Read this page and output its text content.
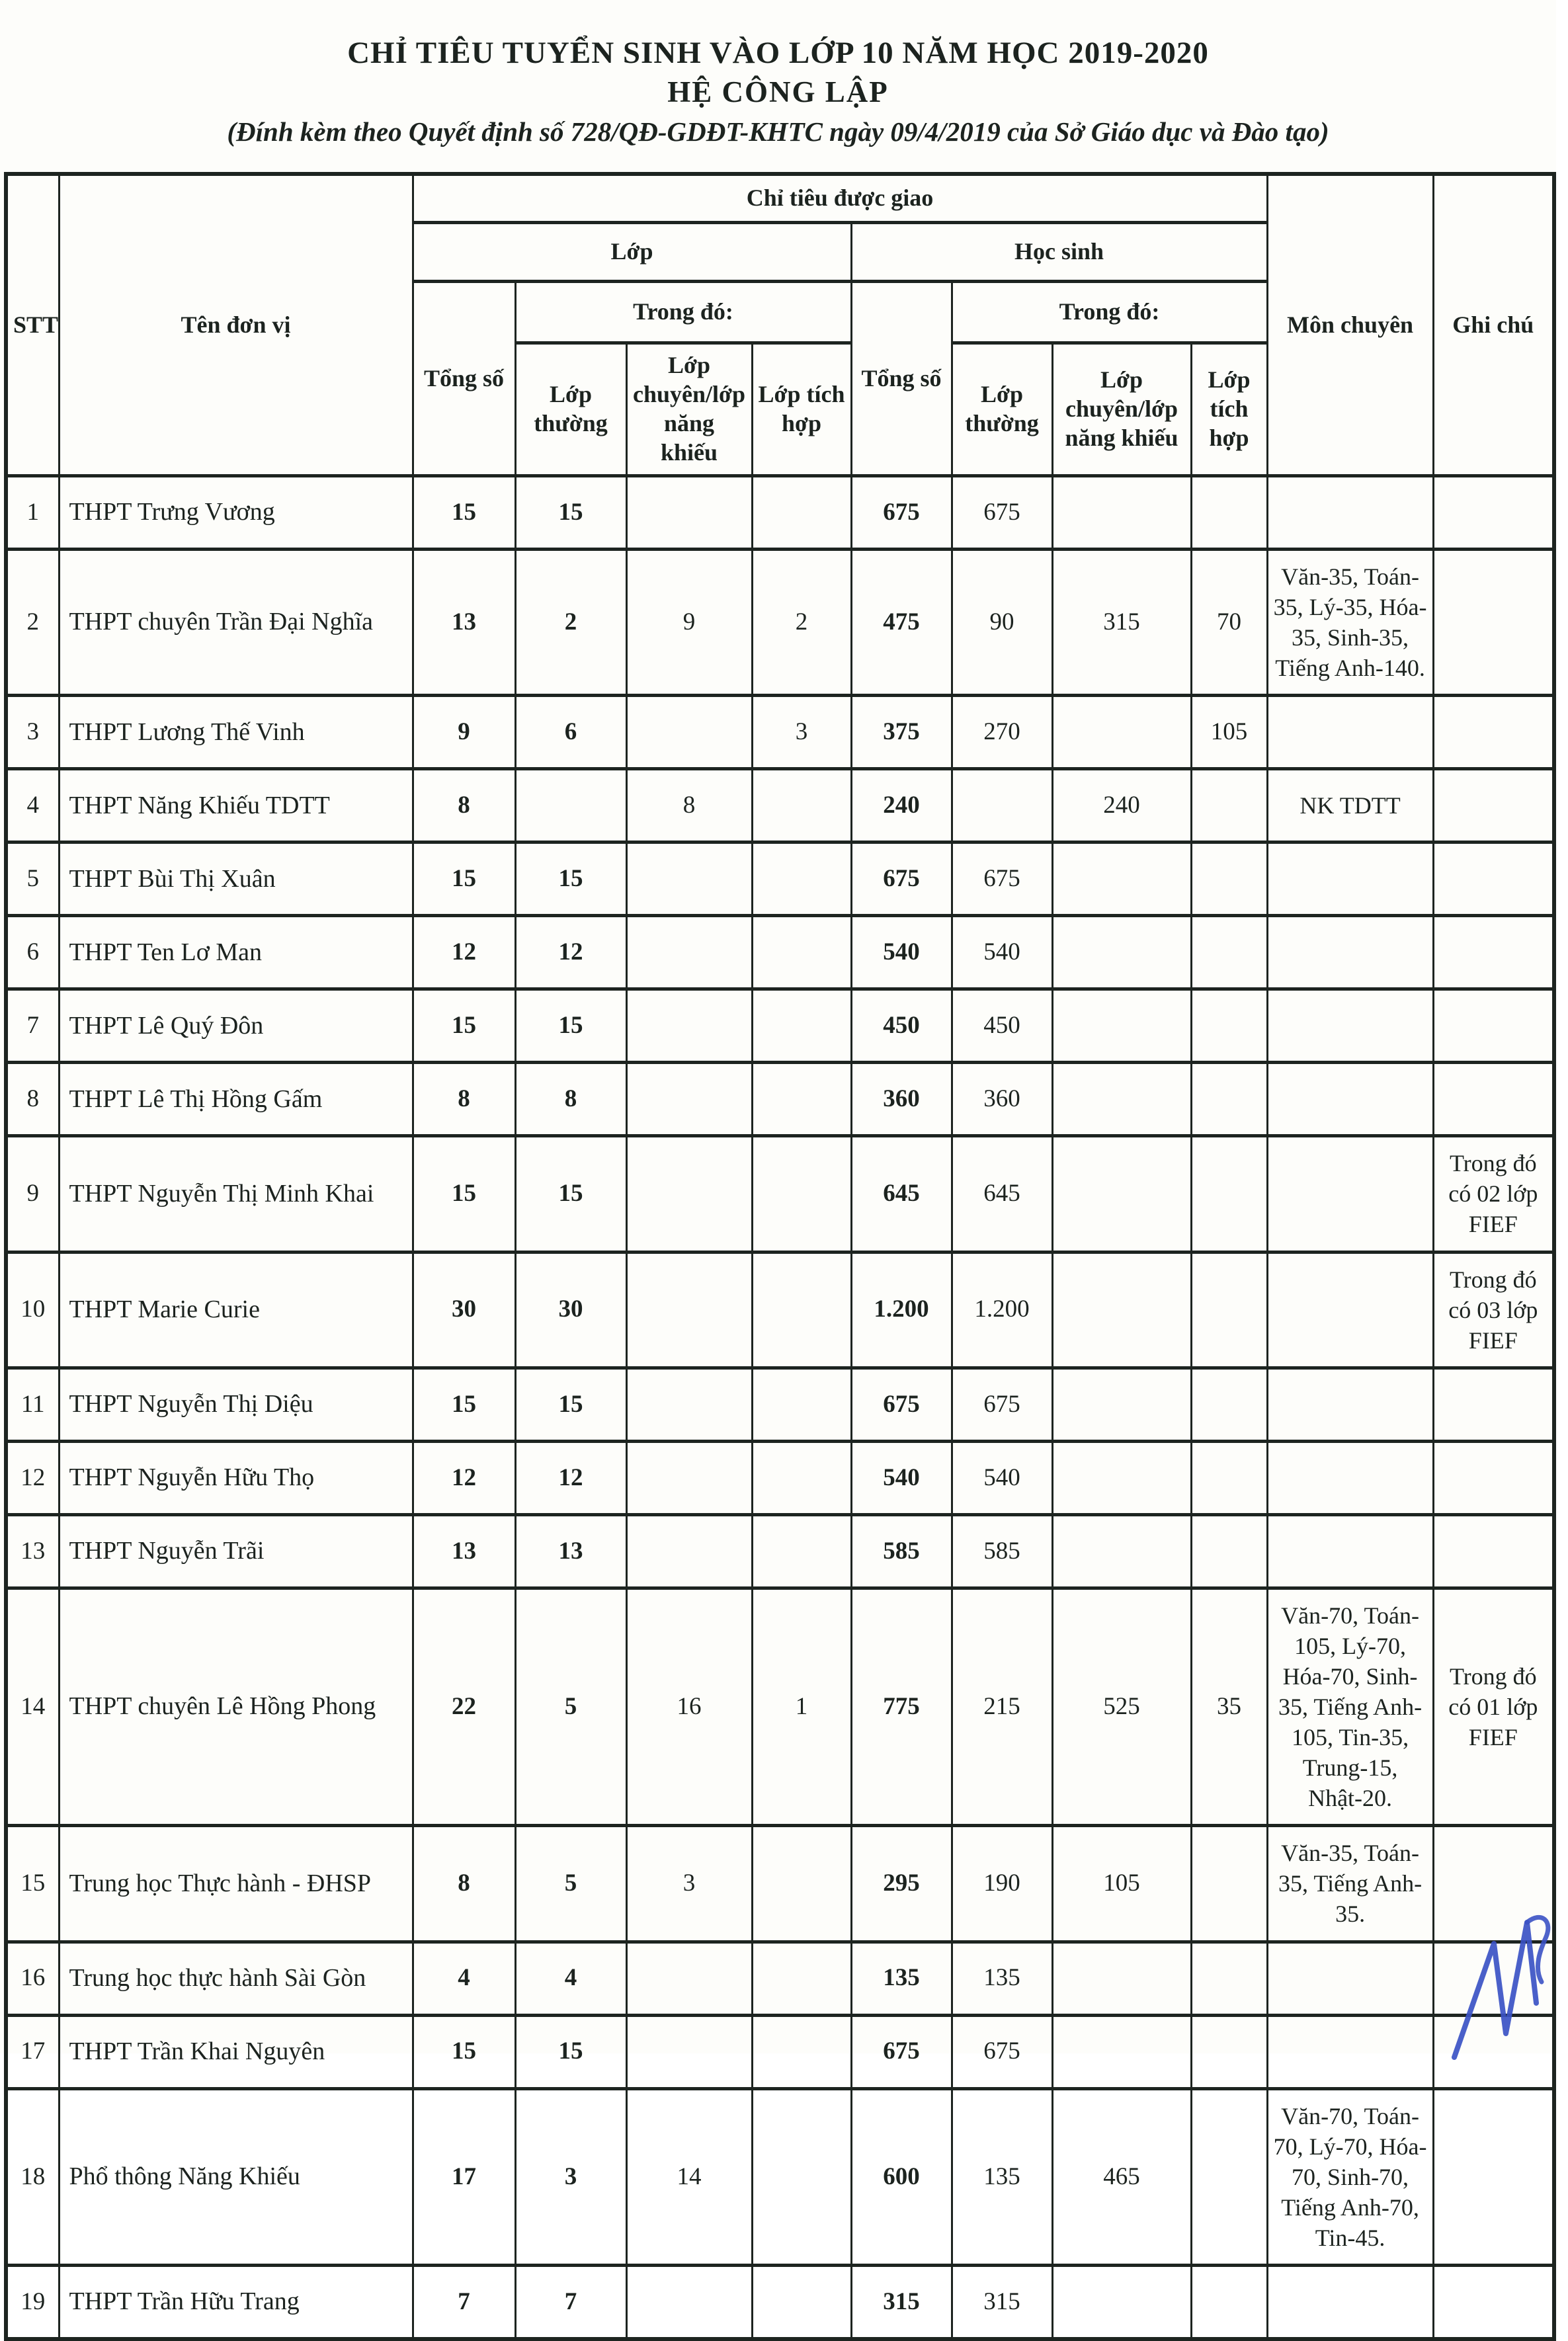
CHỈ TIÊU TUYỂN SINH VÀO LỚP 10 NĂM HỌC 2019-2020

HỆ CÔNG LẬP

(Đính kèm theo Quyết định số 728/QĐ-GDĐT-KHTC ngày 09/4/2019 của Sở Giáo dục và Đào tạo)

STT	Tên đơn vị	Chỉ tiêu được giao								Môn chuyên	Ghi chú
		Lớp				Học sinh					
		Tổng số	Trong đó:			Tổng số	Trong đó:				
			Lớp thường	Lớp chuyên/lớp năng khiếu	Lớp tích hợp		Lớp thường	Lớp chuyên/lớp năng khiếu	Lớp tích hợp		
1	THPT Trưng Vương	15	15			675	675				
2	THPT chuyên Trần Đại Nghĩa	13	2	9	2	475	90	315	70	Văn-35, Toán-35, Lý-35, Hóa-35, Sinh-35, Tiếng Anh-140.	
3	THPT Lương Thế Vinh	9	6		3	375	270		105		
4	THPT Năng Khiếu TDTT	8		8		240		240		NK TDTT	
5	THPT Bùi Thị Xuân	15	15			675	675				
6	THPT Ten Lơ Man	12	12			540	540				
7	THPT Lê Quý Đôn	15	15			450	450				
8	THPT Lê Thị Hồng Gấm	8	8			360	360				
9	THPT Nguyễn Thị Minh Khai	15	15			645	645				Trong đó có 02 lớp FIEF
10	THPT Marie Curie	30	30			1.200	1.200				Trong đó có 03 lớp FIEF
11	THPT Nguyễn Thị Diệu	15	15			675	675				
12	THPT Nguyễn Hữu Thọ	12	12			540	540				
13	THPT Nguyễn Trãi	13	13			585	585				
14	THPT chuyên Lê Hồng Phong	22	5	16	1	775	215	525	35	Văn-70, Toán-105, Lý-70, Hóa-70, Sinh-35, Tiếng Anh-105, Tin-35, Trung-15, Nhật-20.	Trong đó có 01 lớp FIEF
15	Trung học Thực hành - ĐHSP	8	5	3		295	190	105		Văn-35, Toán-35, Tiếng Anh-35.	
16	Trung học thực hành Sài Gòn	4	4			135	135				
17	THPT Trần Khai Nguyên	15	15			675	675				
18	Phổ thông Năng Khiếu	17	3	14		600	135	465		Văn-70, Toán-70, Lý-70, Hóa-70, Sinh-70, Tiếng Anh-70, Tin-45.	
19	THPT Trần Hữu Trang	7	7			315	315				
